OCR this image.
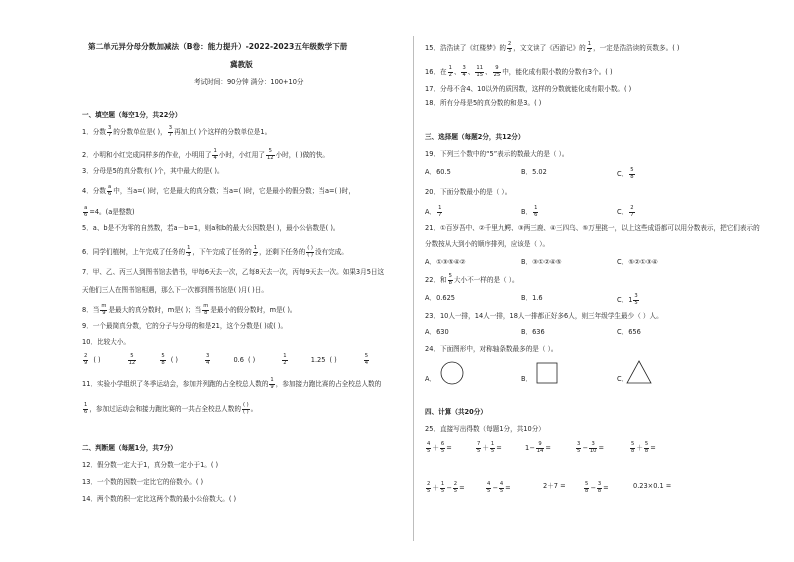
第二单元异分母分数加减法（B卷：能力提升）-2022-2023五年级数学下册
冀教版
考试时间：90分钟 满分：100+10分
一、填空题（每空1分，共22分）
1．分数 $\frac{3}{7}$ 的分数单位是( )， $\frac{3}{7}$ 再加上( )个这样的分数单位是1。
2．小明和小红完成同样多的作业，小明用了 $\frac{1}{4}$ 小时，小红用了 $\frac{5}{12}$ 小时，( )做的快。
3．分母是5的真分数有( )个，其中最大的是( )。
4．分数 $\frac{a}{6}$ 中，当a=( )时，它是最大的真分数；当a=( )时，它是最小的假分数；当a=( )时，
$\frac{a}{6} =4$。(a是整数)
5．a、b是不为零的自然数，若a－b=1，则a和b的最大公因数是( )，最小公倍数是( )。
6．同学们植树，上午完成了任务的 $\frac{1}{3}$ ，下午完成了任务的 $\frac{1}{2}$ ，还剩下任务的 $\frac{( )}{( )}$ 没有完成。
7．甲、乙、丙三人到图书馆去借书，甲每6天去一次，乙每8天去一次，丙每9天去一次。如果3月5日这
天他们三人在图书馆相遇，那么下一次都到图书馆是( )月( )日。
8．当 $\frac{m}{9}$ 是最大的真分数时，m是( )；当 $\frac{m}{8}$ 是最小的假分数时，m是( )。
9．一个最简真分数，它的分子与分母的和是21，这个分数是( )或( )。
10．比较大小。
$\frac{2}{9}$ ( )	$\frac{5}{12}$
	$\frac{5}{8}$ ( )	$\frac{3}{4}$	0.6 ( )	$\frac{1}{2}$	1.25 ( )	$\frac{5}{4}$
11．实验小学组织了冬季运动会，参加并列跑的占全校总人数的 $\frac{1}{9}$ ，参加接力跑比赛的占全校总人数的
$\frac{1}{6}$ ，参加过运动会和接力跑比赛的一共占全校总人数的 $\frac{( )}{( )}$ 。
二、判断题（每题1分，共7分）
12．假分数一定大于1，真分数一定小于1。( )
13．一个数的因数一定比它的倍数小。( )
14．两个数的积一定比这两个数的最小公倍数大。( )
15．浩浩读了《红楼梦》的 $\frac{2}{3}$ ，文文读了《西游记》的 $\frac{1}{2}$ ，一定是浩浩读的页数多。( )
16．在 $\frac{1}{2}$ 、 $\frac{3}{4}$ 、 $\frac{11}{15}$ 、 $\frac{9}{25}$ 中，能化成有限小数的分数有3个。( )
17．分母不含4、10以外的质因数，这样的分数就能化成有限小数。( )
18．所有分母是5的真分数的和是3。( )
三、选择题（每题2分，共12分）
19．下列三个数中的“5”表示的数最大的是（ ）。
A．60.5	B．5.02	C． $\frac{5}{8}$
20．下面分数最小的是（ ）。
A． $\frac{1}{7}$	B． $\frac{1}{6}$	C． $\frac{2}{7}$
21．①百岁吾中、②千里九鳄、③两三鹿、④三四乌、⑤万里挑一，以上这些成语都可以用分数表示，把它们表示的
分数按从大到小的顺序排列，应该是（ ）。
A．①③⑤④②	B．③①②④⑤	C．⑤②①③④
22．和 $\frac{5}{8}$ 大小不一样的是（ ）。
A．0.625	B．1.6	C．$1 \frac{3}{5}$
23．10人一排，14人一排，18人一排都正好多6人，则三年级学生最少（ ）人。
A．630	B．636	C．656
24．下面图形中，对称轴条数最多的是（ ）。
A．	B．	C．
四、计算（共20分）
25．直接写出得数（每题1分，共10分）
$\frac{4}{5} + \frac{6}{5}$ =	$\frac{7}{5} + \frac{1}{5}$ =	$1- \frac{9}{14}$ =	$\frac{3}{5} - \frac{3}{10}$ =	$\frac{5}{8} + \frac{5}{8}$ =
$\frac{2}{5} + \frac{1}{5} - \frac{2}{5}$ =	$\frac{4}{5} - \frac{4}{5}$ =	2＋7 =	$\frac{5}{8} - \frac{3}{8}$ =	0.23×0.1 =
